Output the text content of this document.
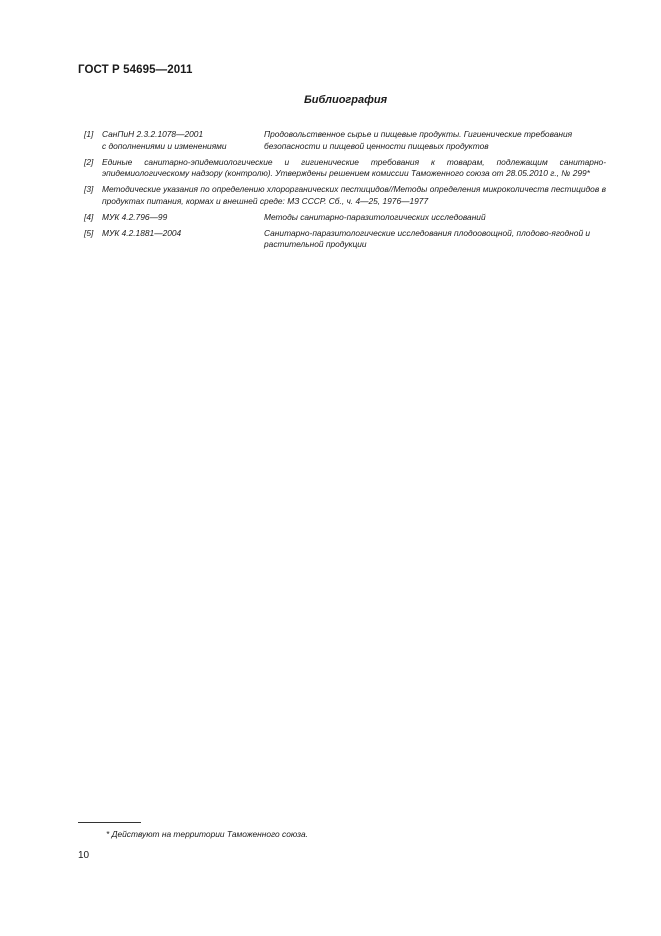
ГОСТ Р 54695—2011
Библиография
[1] СанПиН 2.3.2.1078—2001
с дополнениями и изменениями
Продовольственное сырье и пищевые продукты. Гигиенические требования безопасности и пищевой ценности пищевых продуктов
[2] Единые санитарно-эпидемиологические и гигиенические требования к товарам, подлежащим санитарно-эпидемиологическому надзору (контролю). Утверждены решением комиссии Таможенного союза от 28.05.2010 г., № 299*
[3] Методические указания по определению хлорорганических пестицидов//Методы определения микроколичеств пестицидов в продуктах питания, кормах и внешней среде: МЗ СССР. Сб., ч. 4—25, 1976—1977
[4] МУК 4.2.796—99	Методы санитарно-паразитологических исследований
[5] МУК 4.2.1881—2004	Санитарно-паразитологические исследования плодоовощной, плодово-ягодной и растительной продукции
* Действуют на территории Таможенного союза.
10
